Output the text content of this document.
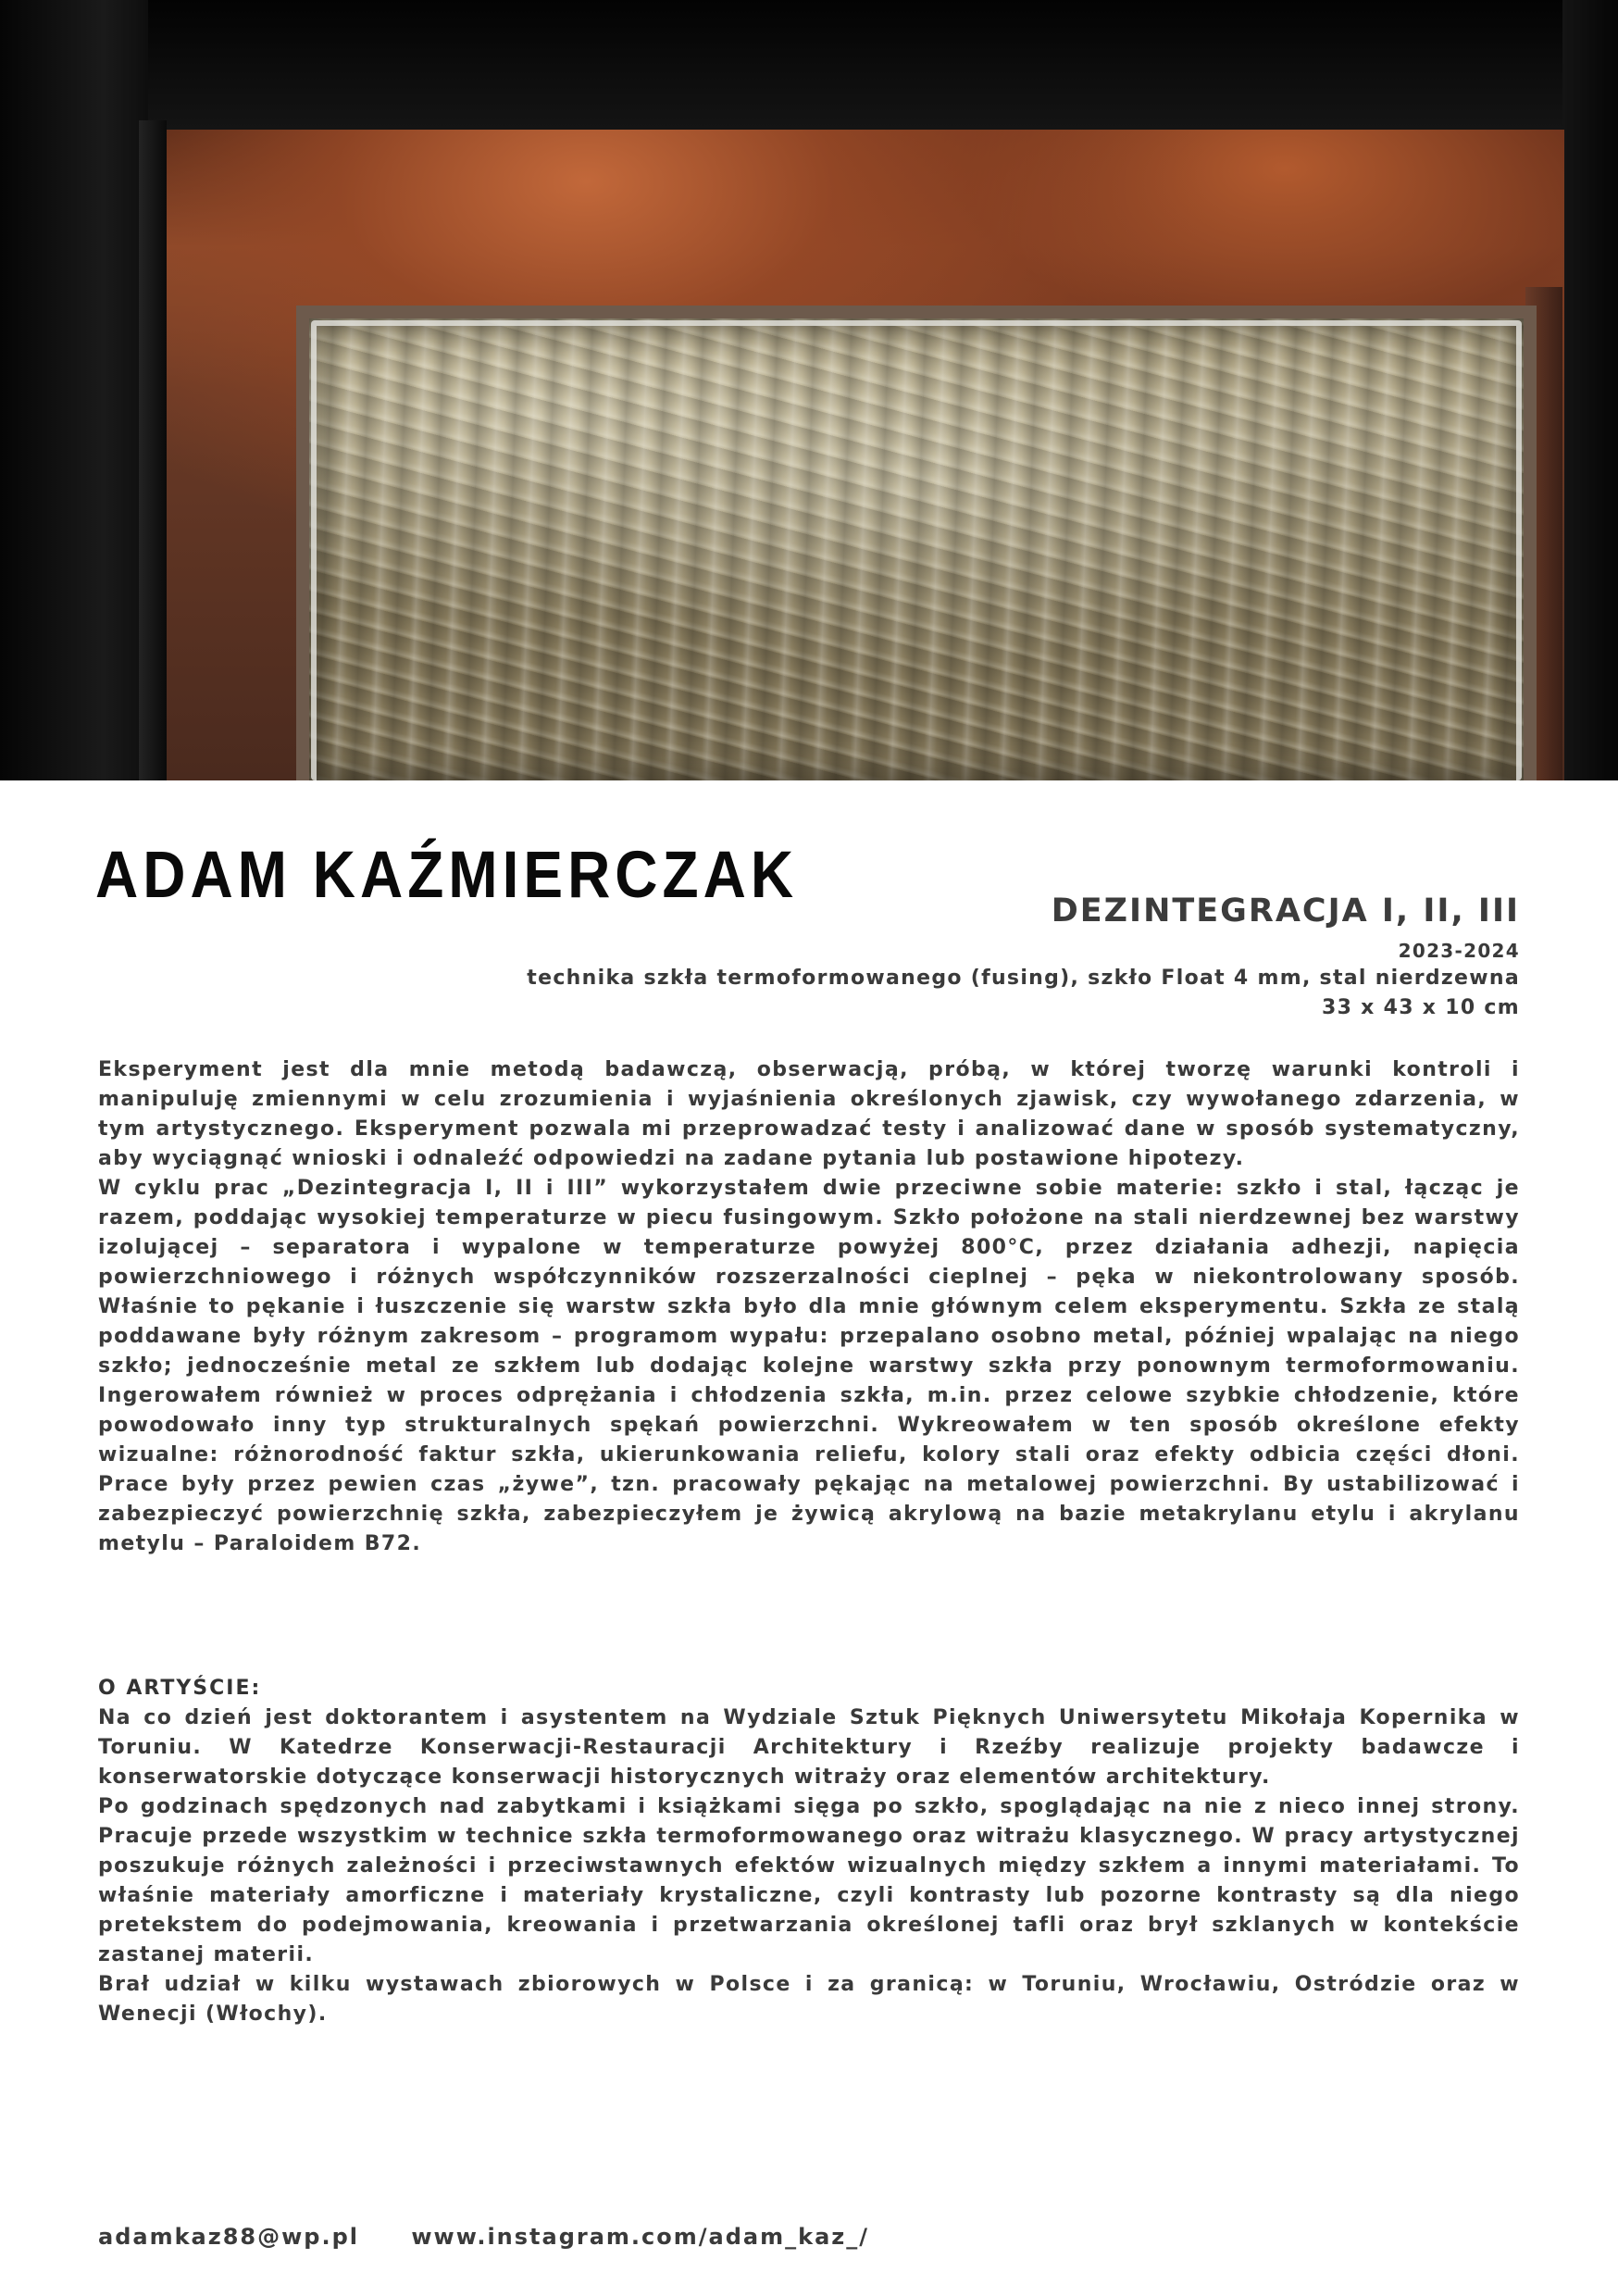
ADAM KAŹMIERCZAK	DEZINTEGRACJA I, II, III
2023-2024
technika szkła termoformowanego (fusing), szkło Float 4 mm, stal nierdzewna
33 x 43 x 10 cm

Eksperyment jest dla mnie metodą badawczą, obserwacją, próbą, w której tworzę warunki kontroli i manipuluję zmiennymi w celu zrozumienia i wyjaśnienia określonych zjawisk, czy wywołanego zdarzenia, w tym artystycznego. Eksperyment pozwala mi przeprowadzać testy i analizować dane w sposób systematyczny, aby wyciągnąć wnioski i odnaleźć odpowiedzi na zadane pytania lub postawione hipotezy.

W cyklu prac „Dezintegracja I, II i III” wykorzystałem dwie przeciwne sobie materie: szkło i stal, łącząc je razem, poddając wysokiej temperaturze w piecu fusingowym. Szkło położone na stali nierdzewnej bez warstwy izolującej – separatora i wypalone w temperaturze powyżej 800°C, przez działania adhezji, napięcia powierzchniowego i różnych współczynników rozszerzalności cieplnej – pęka w niekontrolowany sposób. Właśnie to pękanie i łuszczenie się warstw szkła było dla mnie głównym celem eksperymentu. Szkła ze stalą poddawane były różnym zakresom – programom wypału: przepalano osobno metal, później wpalając na niego szkło; jednocześnie metal ze szkłem lub dodając kolejne warstwy szkła przy ponownym termoformowaniu. Ingerowałem również w proces odprężania i chłodzenia szkła, m.in. przez celowe szybkie chłodzenie, które powodowało inny typ strukturalnych spękań powierzchni. Wykreowałem w ten sposób określone efekty wizualne: różnorodność faktur szkła, ukierunkowania reliefu, kolory stali oraz efekty odbicia części dłoni. Prace były przez pewien czas „żywe”, tzn. pracowały pękając na metalowej powierzchni. By ustabilizować i zabezpieczyć powierzchnię szkła, zabezpieczyłem je żywicą akrylową na bazie metakrylanu etylu i akrylanu metylu – Paraloidem B72.

O ARTYŚCIE:

Na co dzień jest doktorantem i asystentem na Wydziale Sztuk Pięknych Uniwersytetu Mikołaja Kopernika w Toruniu. W Katedrze Konserwacji-Restauracji Architektury i Rzeźby realizuje projekty badawcze i konserwatorskie dotyczące konserwacji historycznych witraży oraz elementów architektury.

Po godzinach spędzonych nad zabytkami i książkami sięga po szkło, spoglądając na nie z nieco innej strony. Pracuje przede wszystkim w technice szkła termoformowanego oraz witrażu klasycznego. W pracy artystycznej poszukuje różnych zależności i przeciwstawnych efektów wizualnych między szkłem a innymi materiałami. To właśnie materiały amorficzne i materiały krystaliczne, czyli kontrasty lub pozorne kontrasty są dla niego pretekstem do podejmowania, kreowania i przetwarzania określonej tafli oraz brył szklanych w kontekście zastanej materii.

Brał udział w kilku wystawach zbiorowych w Polsce i za granicą: w Toruniu, Wrocławiu, Ostródzie oraz w Wenecji (Włochy).

adamkaz88@wp.pl www.instagram.com/adam_kaz_/
